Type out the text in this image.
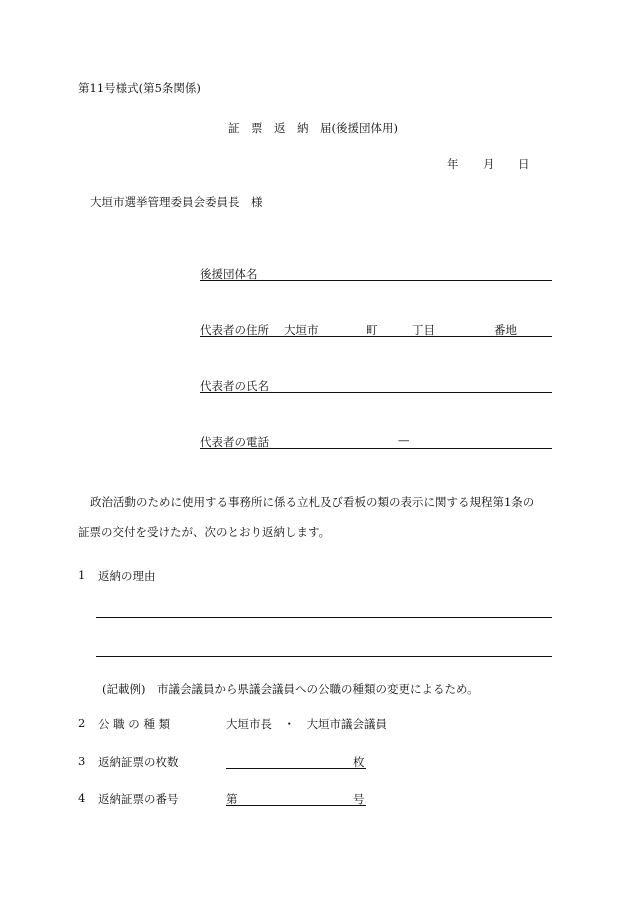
第11号様式(第5条関係)
証　票　返　納　届(後援団体用)
年 月 日
大垣市選挙管理委員会委員長　様
後援団体名
代表者の住所 大垣市	町	丁目	番地
代表者の氏名
代表者の電話	—
政治活動のために使用する事務所に係る立札及び看板の類の表示に関する規程第1条の
証票の交付を受けたが、次のとおり返納します。
1 返納の理由
(記載例)　市議会議員から県議会議員への公職の種類の変更によるため。
2 公 職 の 種 類	大垣市長　・　大垣市議会議員
3 返納証票の枚数	枚
4 返納証票の番号	第	号
